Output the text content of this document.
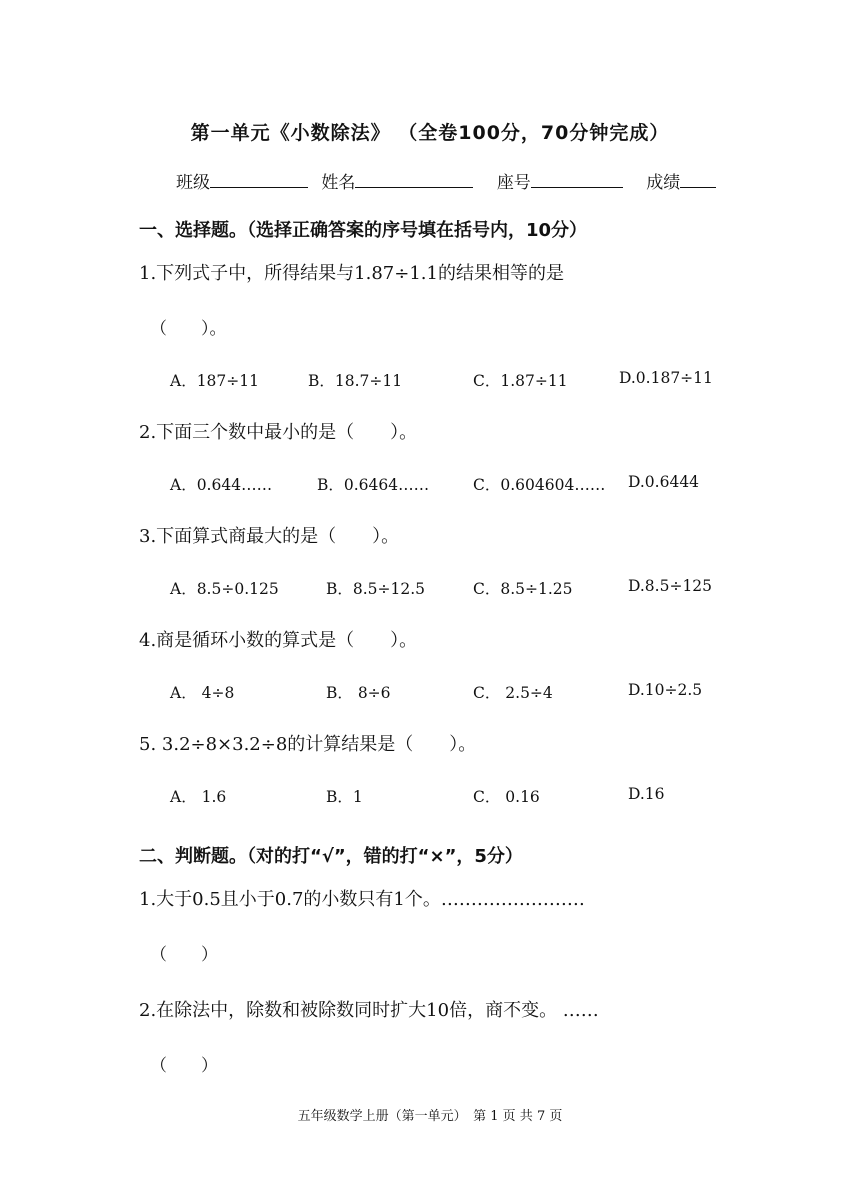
第一单元《小数除法》 （全卷100分，70分钟完成）
班级	姓名	座号	成绩
一、选择题。（选择正确答案的序号填在括号内，10分）
1.下列式子中，所得结果与1.87÷1.1的结果相等的是
（　　）。
A．187÷11	B．18.7÷11	C．1.87÷11	D.0.187÷11
2.下面三个数中最小的是（　　）。
A．0.644……	B．0.6464……	C．0.604604…… D.0.6444
3.下面算式商最大的是（　　）。
A．8.5÷0.125	B．8.5÷12.5	C．8.5÷1.25	D.8.5÷125
4.商是循环小数的算式是（　　）。
A． 4÷8	B． 8÷6	C． 2.5÷4	D.10÷2.5
5. 3.2÷8×3.2÷8的计算结果是（　　）。
A． 1.6	B．1	C． 0.16	D.16
二、判断题。（对的打“√”，错的打“×”，5分）
1.大于0.5且小于0.7的小数只有1个。……………………
（　　）
2.在除法中，除数和被除数同时扩大10倍，商不变。 ……
（　　）
五年级数学上册（第一单元）　第 1 页 共 7 页
